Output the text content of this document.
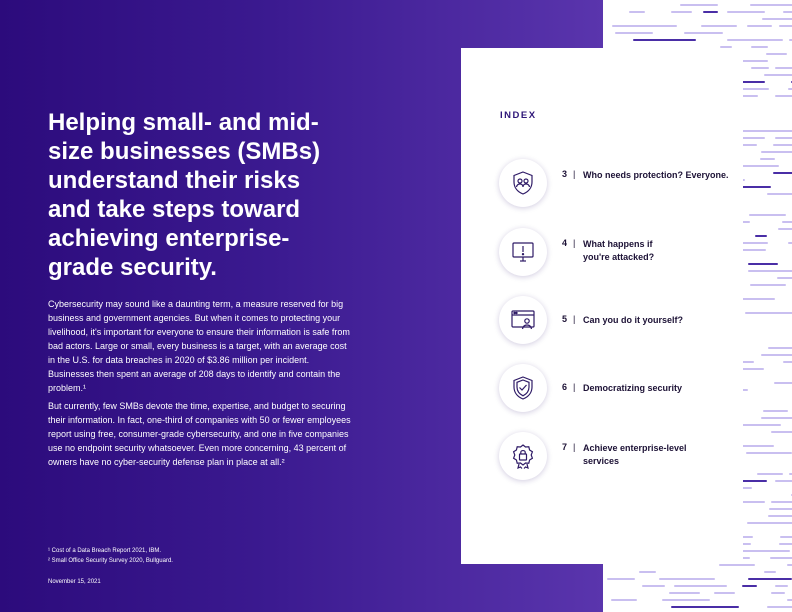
Helping small- and mid-size businesses (SMBs) understand their risks and take steps toward achieving enterprise-grade security.

Cybersecurity may sound like a daunting term, a measure reserved for big business and government agencies. But when it comes to protecting your livelihood, it's important for everyone to ensure their information is safe from bad actors. Large or small, every business is a target, with an average cost in the U.S. for data breaches in 2020 of $3.86 million per incident. Businesses then spent an average of 208 days to identify and contain the problem.¹

But currently, few SMBs devote the time, expertise, and budget to securing their information. In fact, one-third of companies with 50 or fewer employees report using free, consumer-grade cybersecurity, and one in five companies use no endpoint security whatsoever. Even more concerning, 43 percent of owners have no cyber-security defense plan in place at all.²

¹ Cost of a Data Breach Report 2021, IBM.
² Small Office Security Survey 2020, Bullguard.
November 15, 2021
INDEX
3 | Who needs protection? Everyone.
4 | What happens if you're attacked?
5 | Can you do it yourself?
6 | Democratizing security
7 | Achieve enterprise-level services
